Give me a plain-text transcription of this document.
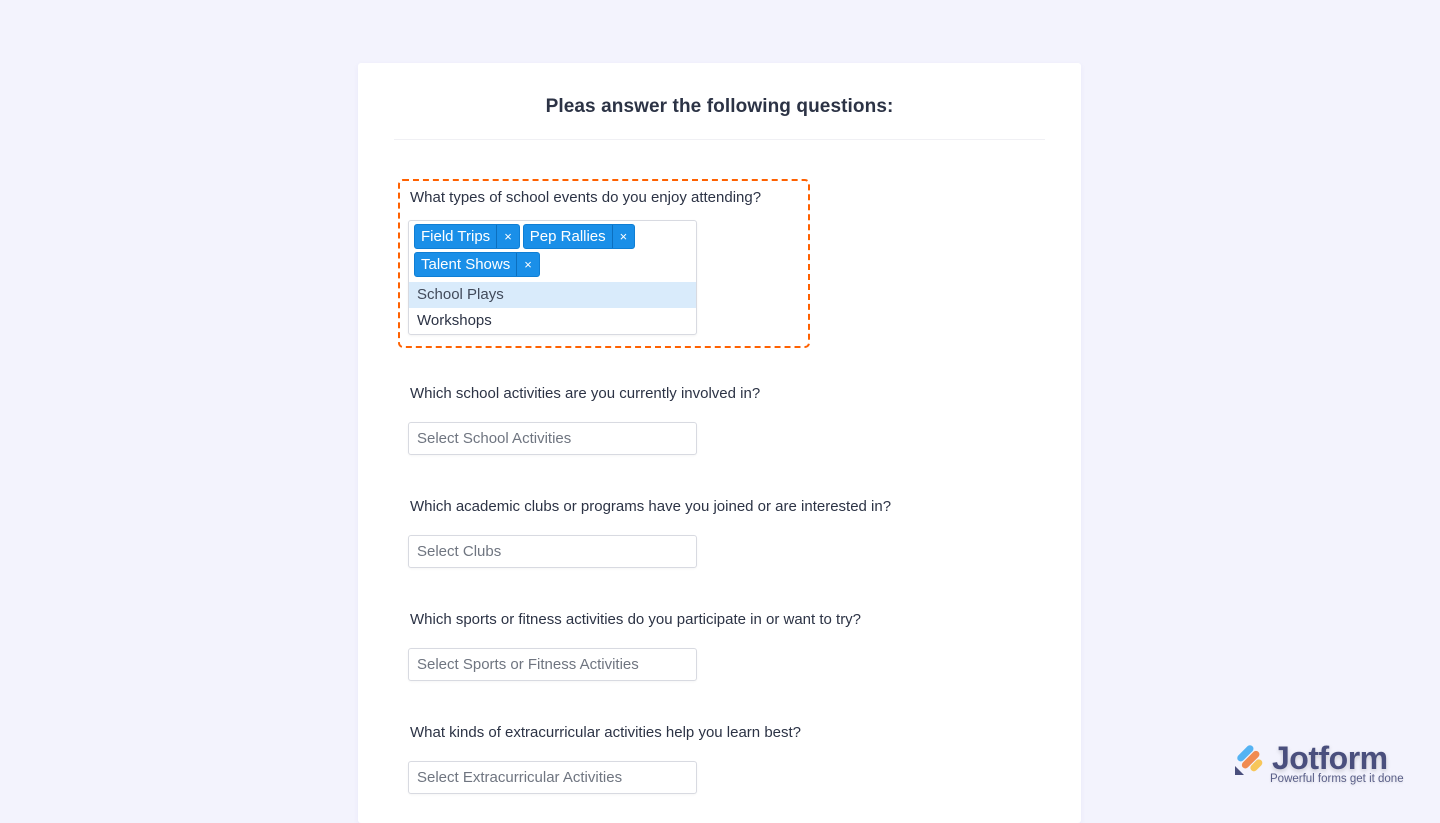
Pleas answer the following questions:
What types of school events do you enjoy attending?
Field Trips	×	Pep Rallies	×
Talent Shows	×
School Plays
Workshops
Which school activities are you currently involved in?
Select School Activities
Which academic clubs or programs have you joined or are interested in?
Select Clubs
Which sports or fitness activities do you participate in or want to try?
Select Sports or Fitness Activities
What kinds of extracurricular activities help you learn best?
Select Extracurricular Activities
Jotform
Powerful forms get it done
